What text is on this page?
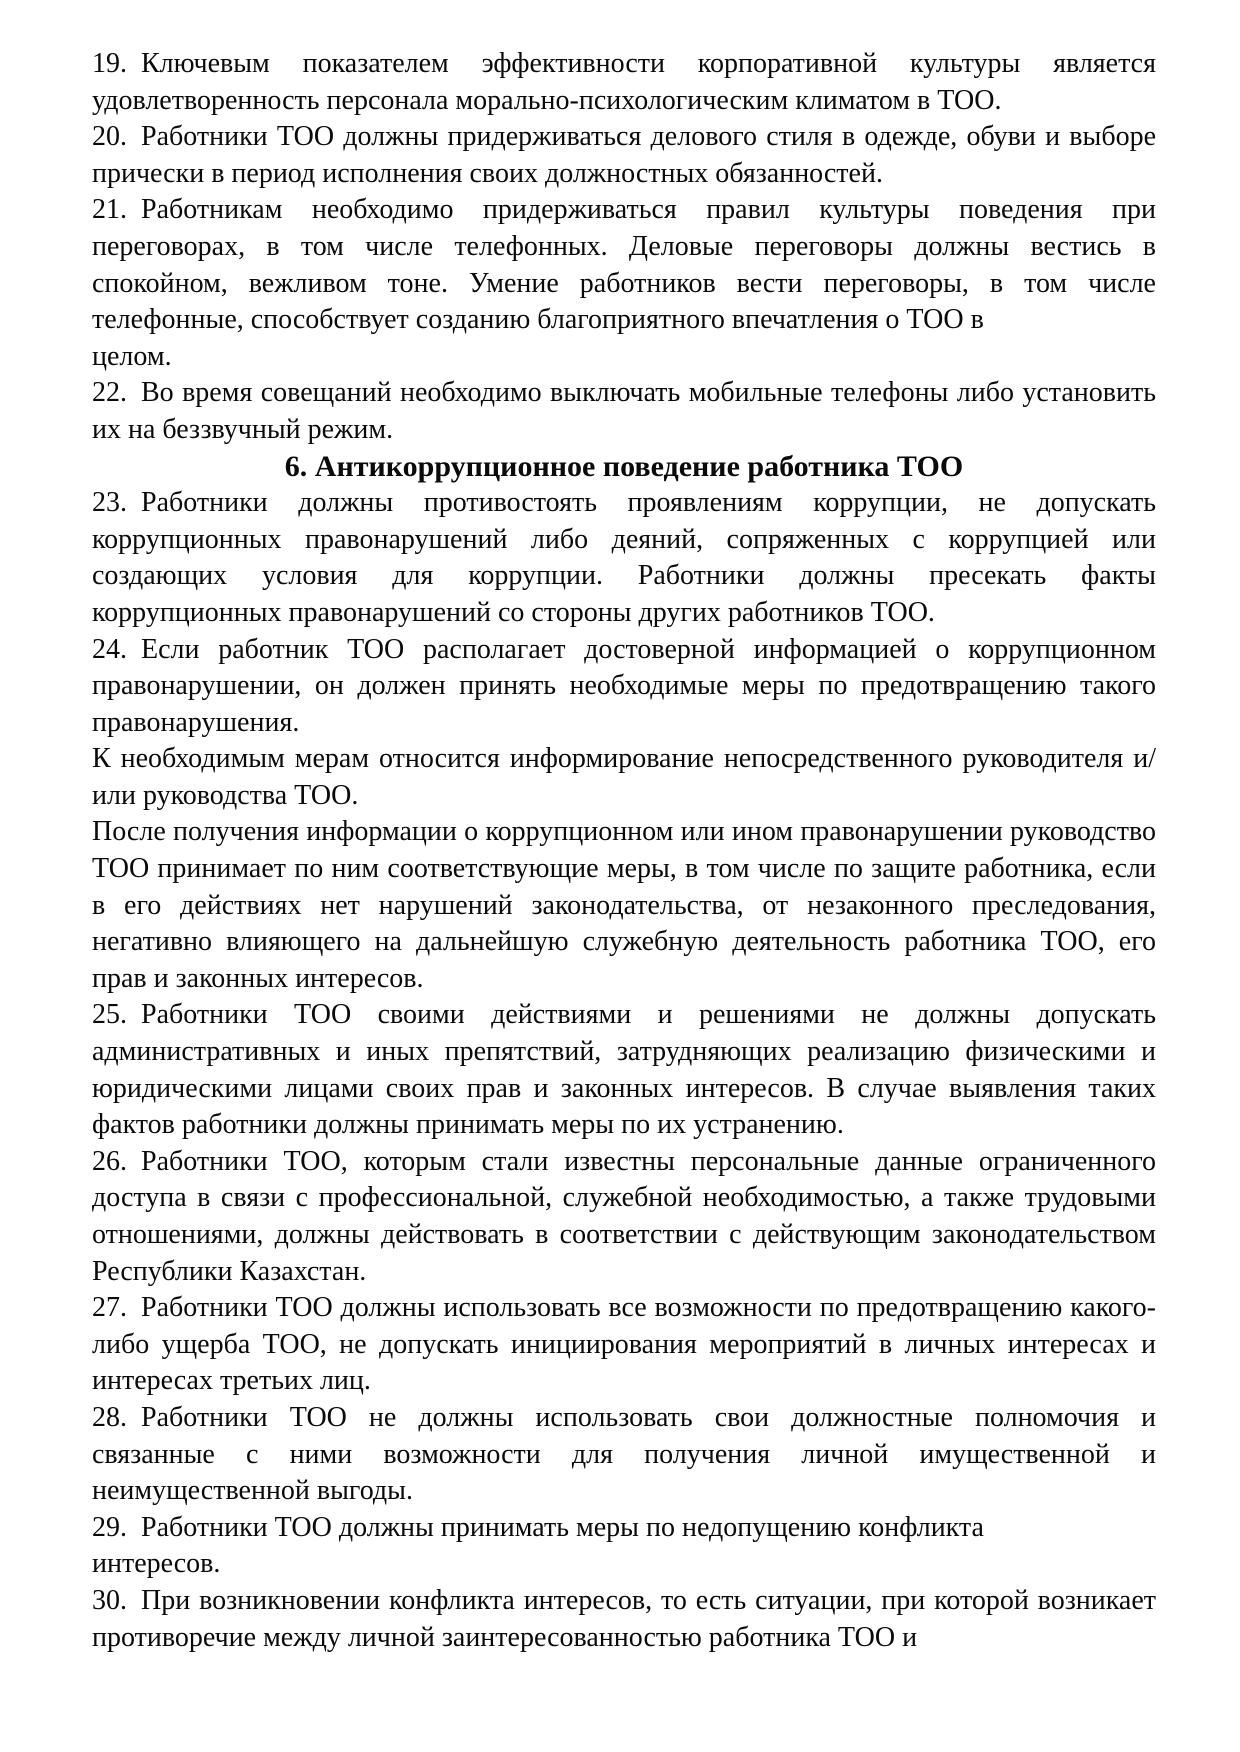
19. Ключевым показателем эффективности корпоративной культуры является удовлетворенность персонала морально-психологическим климатом в ТОО.
20. Работники ТОО должны придерживаться делового стиля в одежде, обуви и выборе прически в период исполнения своих должностных обязанностей.
21. Работникам необходимо придерживаться правил культуры поведения при переговорах, в том числе телефонных. Деловые переговоры должны вестись в спокойном, вежливом тоне. Умение работников вести переговоры, в том числе телефонные, способствует созданию благоприятного впечатления о ТОО в
целом.
22. Во время совещаний необходимо выключать мобильные телефоны либо установить их на беззвучный режим.
6. Антикоррупционное поведение работника ТОО
23. Работники должны противостоять проявлениям коррупции, не допускать коррупционных правонарушений либо деяний, сопряженных с коррупцией или создающих условия для коррупции. Работники должны пресекать факты коррупционных правонарушений со стороны других работников ТОО.
24. Если работник ТОО располагает достоверной информацией о коррупционном правонарушении, он должен принять необходимые меры по предотвращению такого правонарушения.
К необходимым мерам относится информирование непосредственного руководителя и/или руководства ТОО.
После получения информации о коррупционном или ином правонарушении руководство ТОО принимает по ним соответствующие меры, в том числе по защите работника, если в его действиях нет нарушений законодательства, от незаконного преследования, негативно влияющего на дальнейшую служебную деятельность работника ТОО, его прав и законных интересов.
25. Работники ТОО своими действиями и решениями не должны допускать административных и иных препятствий, затрудняющих реализацию физическими и юридическими лицами своих прав и законных интересов. В случае выявления таких фактов работники должны принимать меры по их устранению.
26. Работники ТОО, которым стали известны персональные данные ограниченного доступа в связи с профессиональной, служебной необходимостью, а также трудовыми отношениями, должны действовать в соответствии с действующим законодательством Республики Казахстан.
27. Работники ТОО должны использовать все возможности по предотвращению какого-либо ущерба ТОО, не допускать инициирования мероприятий в личных интересах и интересах третьих лиц.
28. Работники ТОО не должны использовать свои должностные полномочия и связанные с ними возможности для получения личной имущественной и неимущественной выгоды.
29. Работники ТОО должны принимать меры по недопущению конфликта
интересов.
30. При возникновении конфликта интересов, то есть ситуации, при которой возникает противоречие между личной заинтересованностью работника ТОО и
